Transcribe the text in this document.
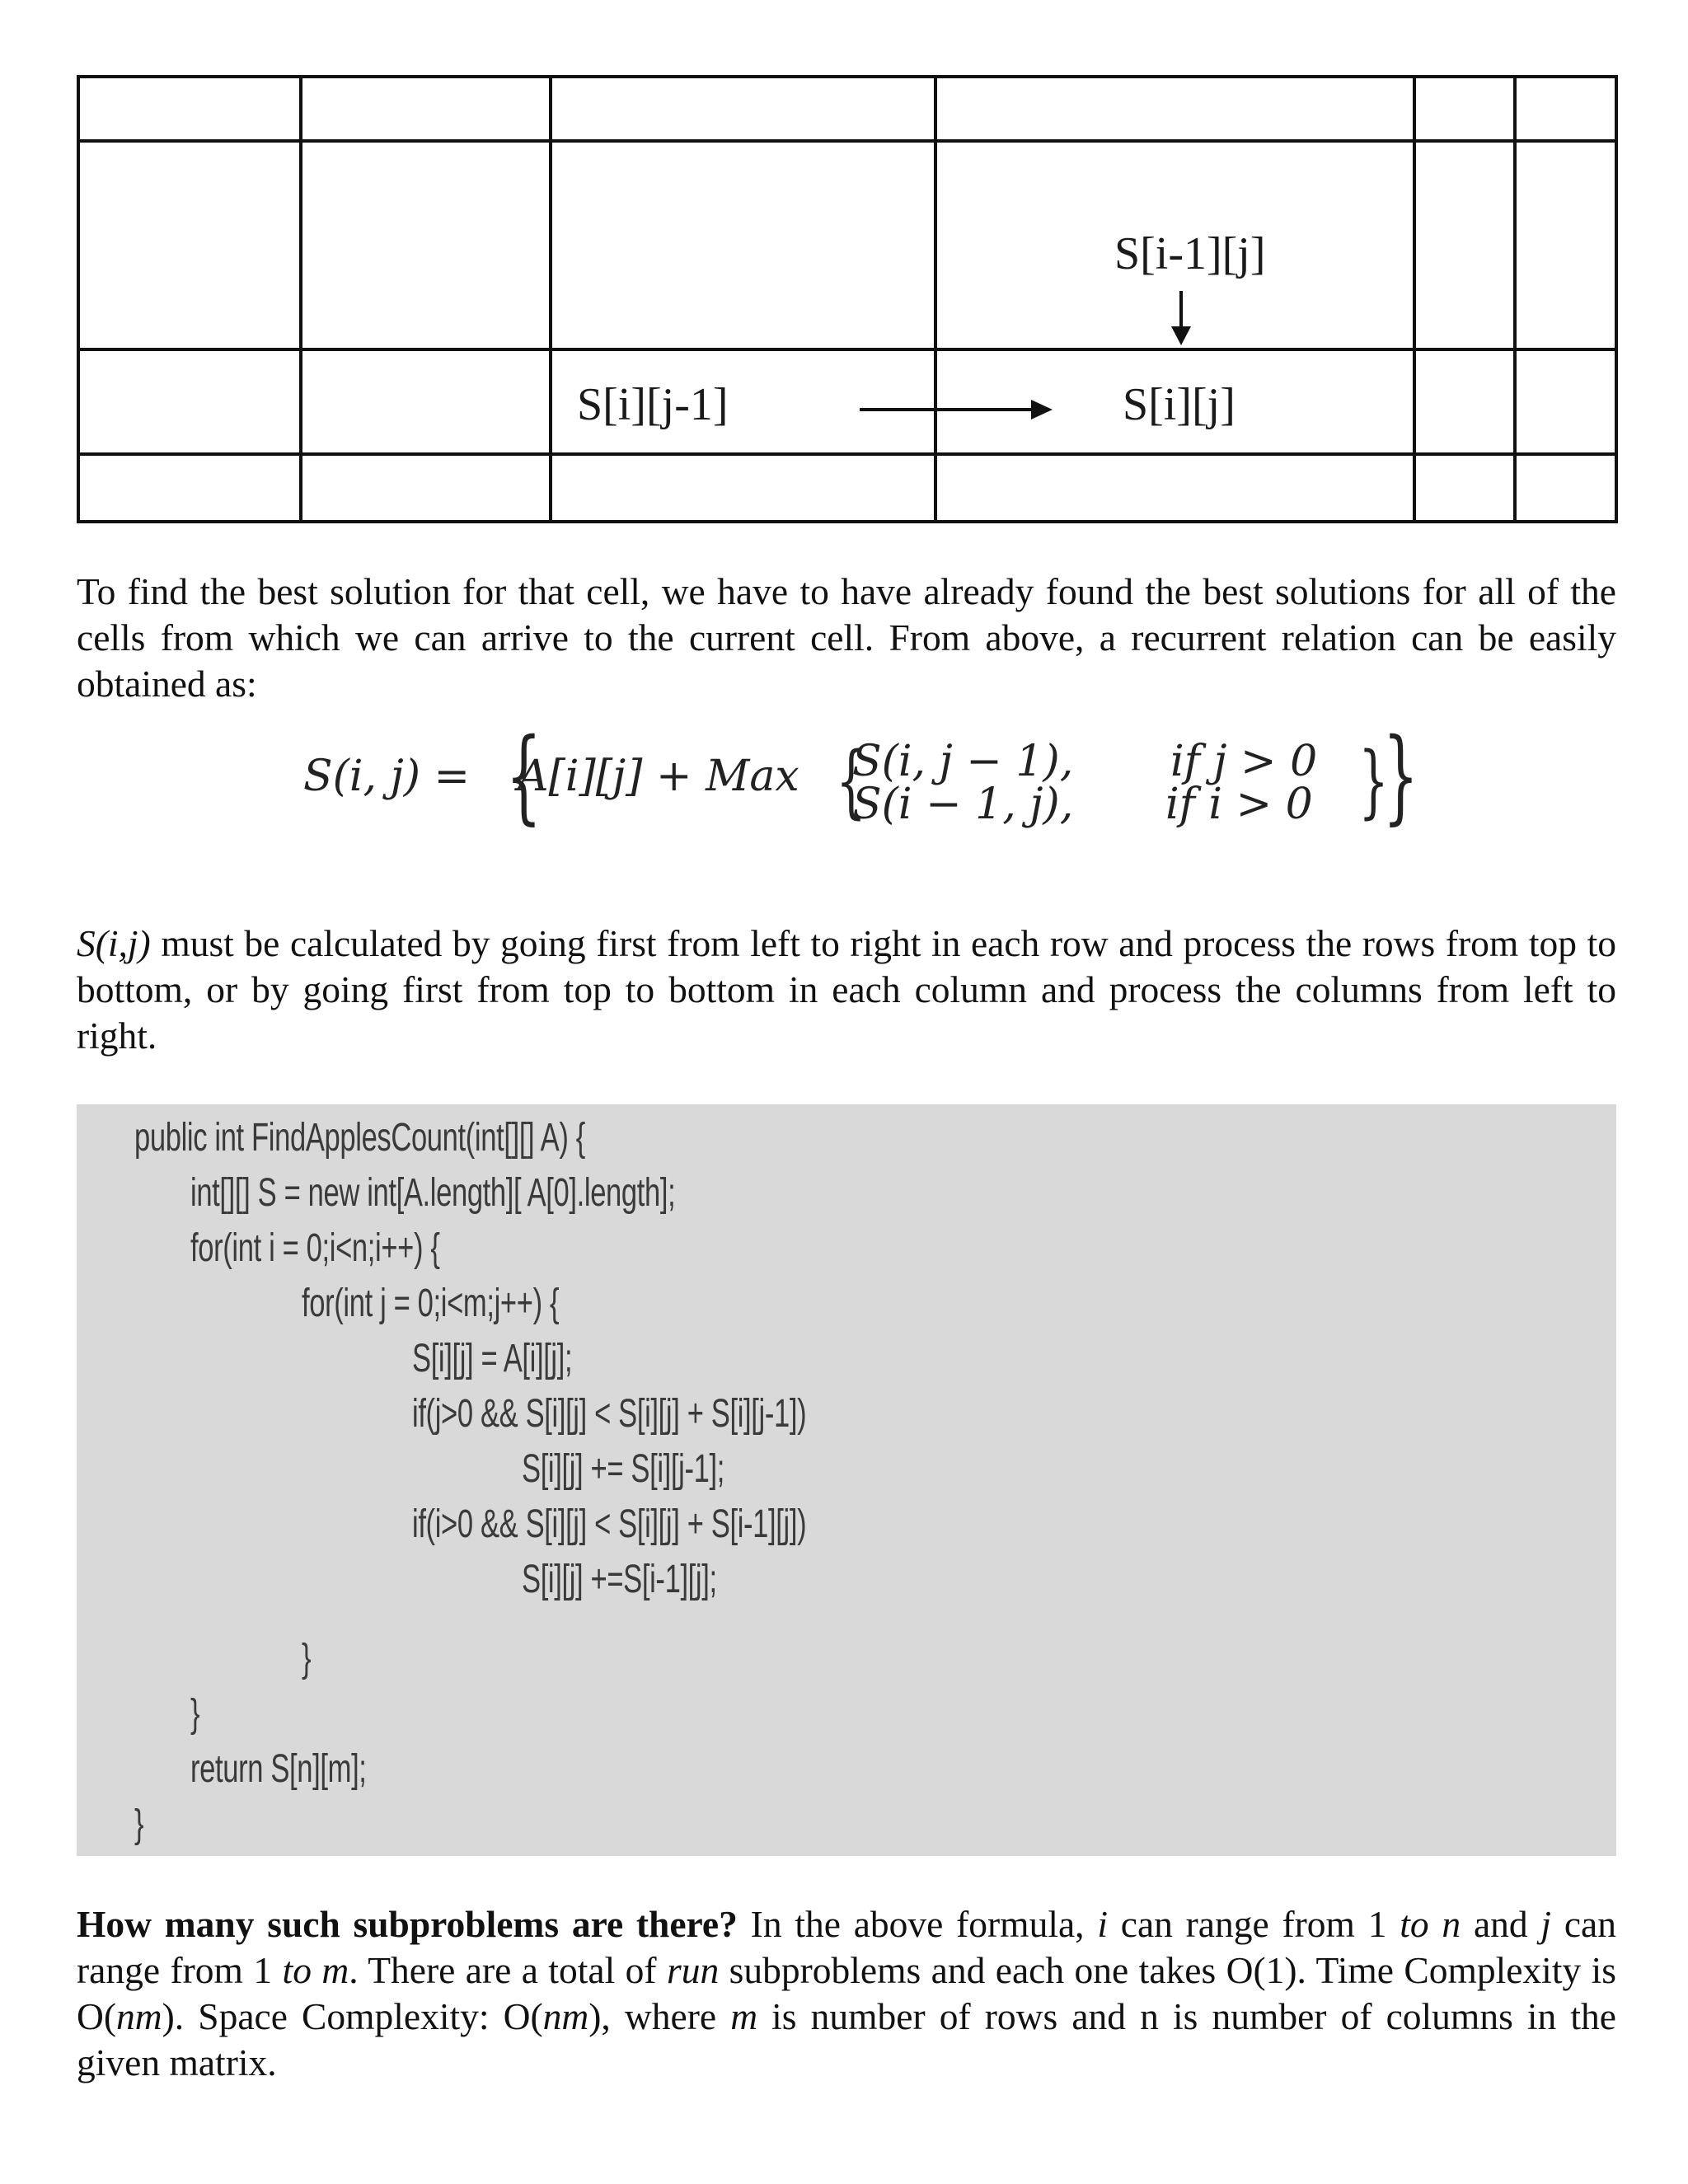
S[i-1][j]
S[i][j-1]	S[i][j]

To find the best solution for that cell, we have to have already found the best solutions for all of the cells from which we can arrive to the current cell. From above, a recurrent relation can be easily obtained as:

S(i, j) = {
A[i][j] + Max {
S(i, j − 1),
S(i − 1, j),
if j > 0
if i > 0 }
}

S(i,j) must be calculated by going first from left to right in each row and process the rows from top to bottom, or by going first from top to bottom in each column and process the columns from left to right.

public int FindApplesCount(int[][] A) {
int[][] S = new int[A.length][ A[0].length];
for(int i = 0;i<n;i++) {
for(int j = 0;i<m;j++) {
S[i][j] = A[i][j];
if(j>0 && S[i][j] < S[i][j] + S[i][j-1])
S[i][j] += S[i][j-1];
if(i>0 && S[i][j] < S[i][j] + S[i-1][j])
S[i][j] +=S[i-1][j];
}
}
return S[n][m];
}

How many such subproblems are there? In the above formula, i can range from 1 to n and j can range from 1 to m. There are a total of run subproblems and each one takes O(1). Time Complexity is O(nm). Space Complexity: O(nm), where m is number of rows and n is number of columns in the given matrix.
